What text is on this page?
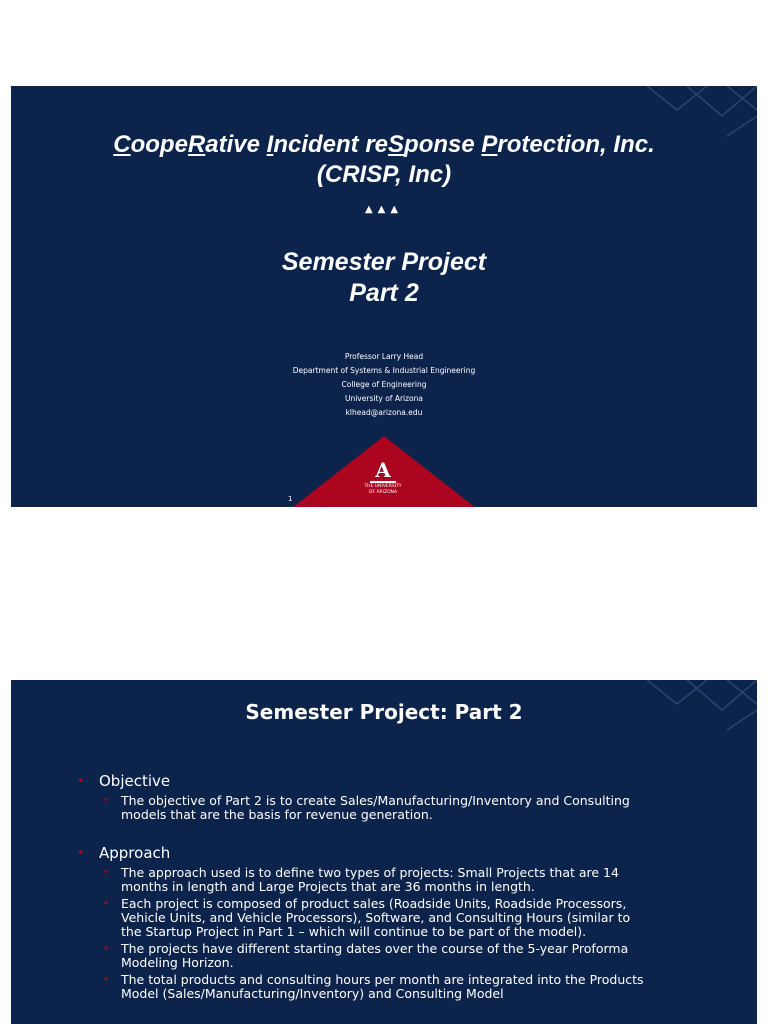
CoopeRative Incident reSponse Protection, Inc.
(CRISP, Inc)
▲▲▲
Semester Project
Part 2
Professor Larry Head
Department of Systems & Industrial Engineering
College of Engineering
University of Arizona
klhead@arizona.edu
A
THE UNIVERSITY
OF ARIZONA
1
Semester Project: Part 2
• Objective
• The objective of Part 2 is to create Sales/Manufacturing/Inventory and Consulting
models that are the basis for revenue generation.
• Approach
• The approach used is to define two types of projects: Small Projects that are 14
months in length and Large Projects that are 36 months in length.
• Each project is composed of product sales (Roadside Units, Roadside Processors,
Vehicle Units, and Vehicle Processors), Software, and Consulting Hours (similar to
the Startup Project in Part 1 – which will continue to be part of the model).
• The projects have different starting dates over the course of the 5-year Proforma
Modeling Horizon.
• The total products and consulting hours per month are integrated into the Products
Model (Sales/Manufacturing/Inventory) and Consulting Model
